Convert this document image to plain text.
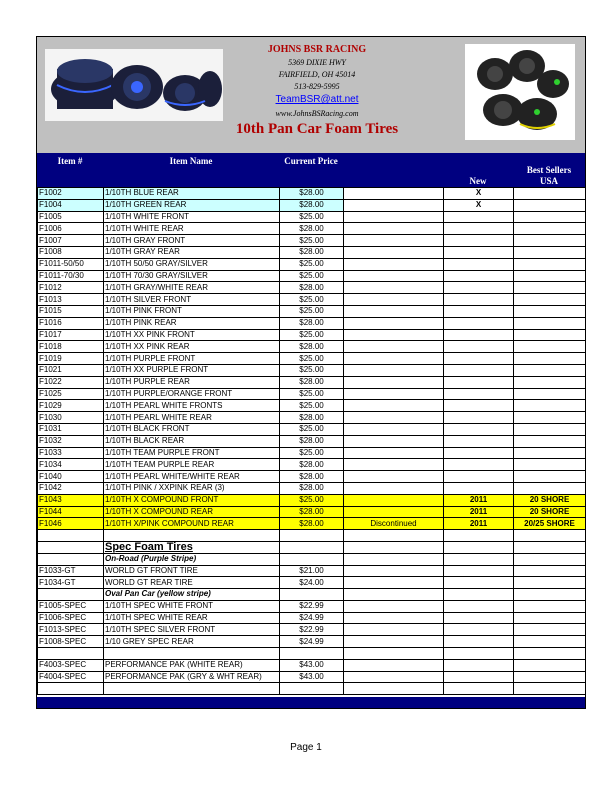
JOHNS BSR RACING
5369 DIXIE HWY
FAIRFIELD, OH 45014
513-829-5995
TeamBSR@att.net
www.JohnsBSRacing.com
10th Pan Car Foam Tires
Item #	Item Name	Current Price
New
Best Sellers
USA
F1002	1/10TH BLUE REAR	$28.00		X	
F1004	1/10TH GREEN REAR	$28.00		X	
F1005	1/10TH WHITE FRONT	$25.00			
F1006	1/10TH WHITE REAR	$28.00			
F1007	1/10TH GRAY FRONT	$25.00			
F1008	1/10TH GRAY REAR	$28.00			
F1011-50/50	1/10TH 50/50 GRAY/SILVER	$25.00			
F1011-70/30	1/10TH 70/30 GRAY/SILVER	$25.00			
F1012	1/10TH GRAY/WHITE REAR	$28.00			
F1013	1/10TH SILVER FRONT	$25.00			
F1015	1/10TH PINK FRONT	$25.00			
F1016	1/10TH PINK REAR	$28.00			
F1017	1/10TH XX PINK FRONT	$25.00			
F1018	1/10TH XX PINK REAR	$28.00			
F1019	1/10TH PURPLE FRONT	$25.00			
F1021	1/10TH XX PURPLE FRONT	$25.00			
F1022	1/10TH PURPLE REAR	$28.00			
F1025	1/10TH PURPLE/ORANGE FRONT	$25.00			
F1029	1/10TH PEARL WHITE FRONTS	$25.00			
F1030	1/10TH PEARL WHITE REAR	$28.00			
F1031	1/10TH BLACK FRONT	$25.00			
F1032	1/10TH BLACK REAR	$28.00			
F1033	1/10TH TEAM PURPLE FRONT	$25.00			
F1034	1/10TH TEAM PURPLE REAR	$28.00			
F1040	1/10TH PEARL WHITE/WHITE REAR	$28.00			
F1042	1/10TH PINK / XXPINK REAR (3)	$28.00			
F1043	1/10TH X COMPOUND FRONT	$25.00		2011	20 SHORE
F1044	1/10TH X COMPOUND REAR	$28.00		2011	20 SHORE
F1046	1/10TH X/PINK COMPOUND REAR	$28.00	Discontinued	2011	20/25 SHORE

	Spec Foam Tires				
	On-Road (Purple Stripe)				
F1033-GT	WORLD GT FRONT TIRE	$21.00			
F1034-GT	WORLD GT REAR TIRE	$24.00			
	Oval Pan Car (yellow stripe)				
F1005-SPEC	1/10TH SPEC WHITE FRONT	$22.99			
F1006-SPEC	1/10TH SPEC WHITE REAR	$24.99			
F1013-SPEC	1/10TH SPEC SILVER FRONT	$22.99			
F1008-SPEC	1/10 GREY SPEC REAR	$24.99			

F4003-SPEC	PERFORMANCE PAK (WHITE REAR)	$43.00			
F4004-SPEC	PERFORMANCE PAK (GRY & WHT REAR)	$43.00			

Page 1
